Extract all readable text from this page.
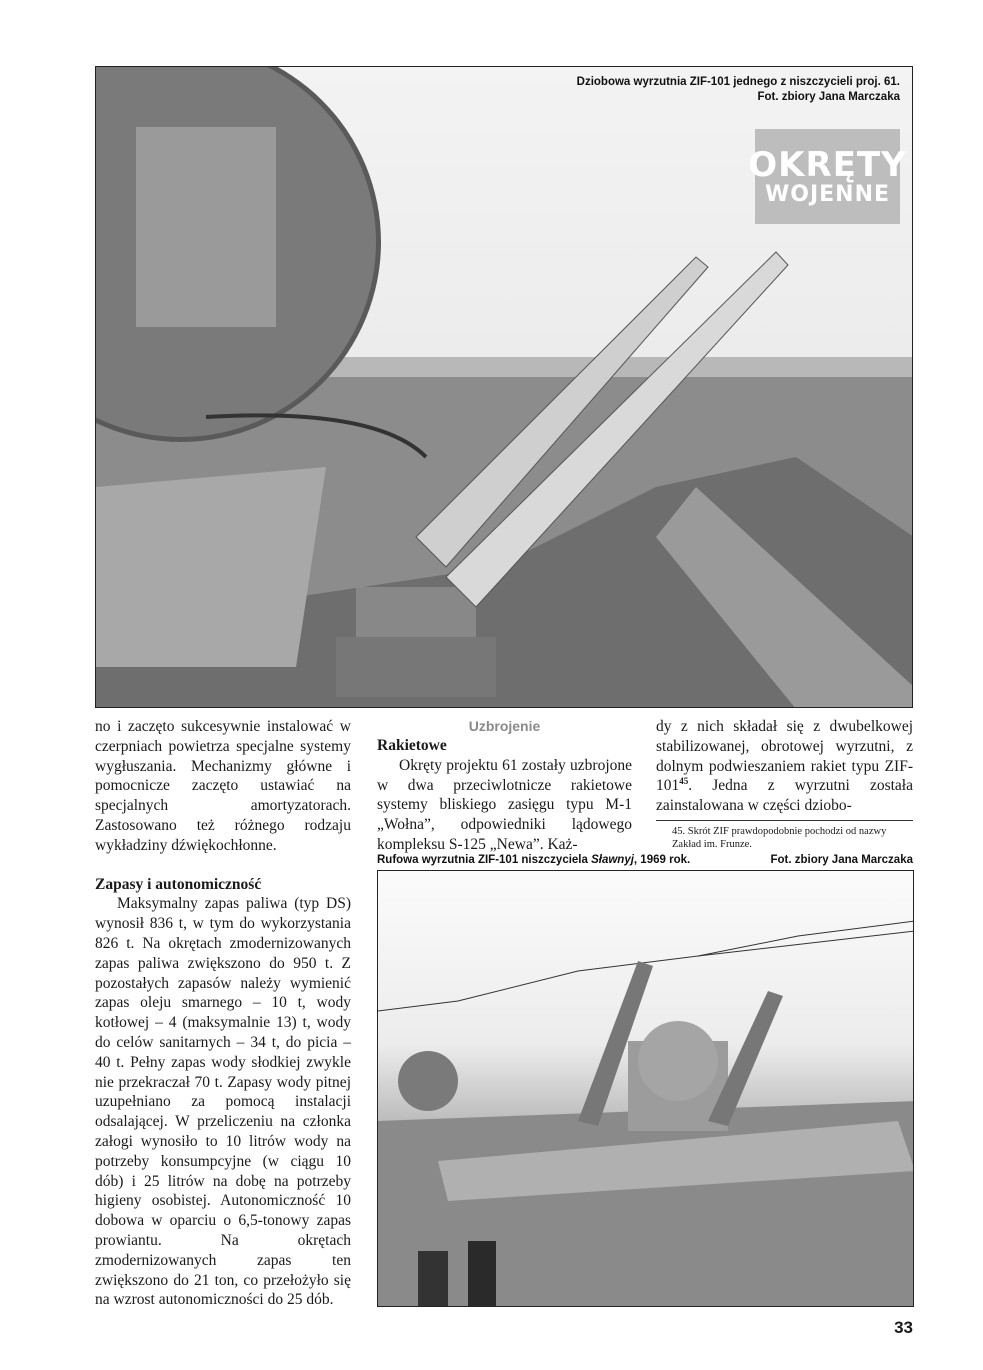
Dziobowa wyrzutnia ZIF-101 jednego z niszczycieli proj. 61.
Fot. zbiory Jana Marczaka
OKRĘTY
WOJENNE

no i zaczęto sukcesywnie instalować w czerpniach powietrza specjalne systemy wygłuszania. Mechanizmy główne i pomocnicze zaczęto ustawiać na specjalnych amortyzatorach. Zastosowano też różnego rodzaju wykładziny dźwiękochłonne.

Zapasy i autonomiczność

Maksymalny zapas paliwa (typ DS) wynosił 836 t, w tym do wykorzystania 826 t. Na okrętach zmodernizowanych zapas paliwa zwiększono do 950 t. Z pozostałych zapasów należy wymienić zapas oleju smarnego – 10 t, wody kotłowej – 4 (maksymalnie 13) t, wody do celów sanitarnych – 34 t, do picia – 40 t. Pełny zapas wody słodkiej zwykle nie przekraczał 70 t. Zapasy wody pitnej uzupełniano za pomocą instalacji odsalającej. W przeliczeniu na członka załogi wynosiło to 10 litrów wody na potrzeby konsumpcyjne (w ciągu 10 dób) i 25 litrów na dobę na potrzeby higieny osobistej. Autonomiczność 10 dobowa w oparciu o 6,5-tonowy zapas prowiantu. Na okrętach zmodernizowanych zapas ten zwiększono do 21 ton, co przełożyło się na wzrost autonomiczności do 25 dób.

Uzbrojenie

Rakietowe

Okręty projektu 61 zostały uzbrojone w dwa przeciwlotnicze rakietowe systemy bliskiego zasięgu typu M-1 „Wołna”, odpowiedniki lądowego kompleksu S-125 „Newa”. Każ-

dy z nich składał się z dwubelkowej stabilizowanej, obrotowej wyrzutni, z dolnym podwieszaniem rakiet typu ZIF-$101^{45}$. Jedna z wyrzutni została zainstalowana w części dziobo-

45. Skrót ZIF prawdopodobnie pochodzi od nazwy Zakład im. Frunze.
Rufowa wyrzutnia ZIF-101 niszczyciela Sławnyj, 1969 rok.	Fot. zbiory Jana Marczaka
33
